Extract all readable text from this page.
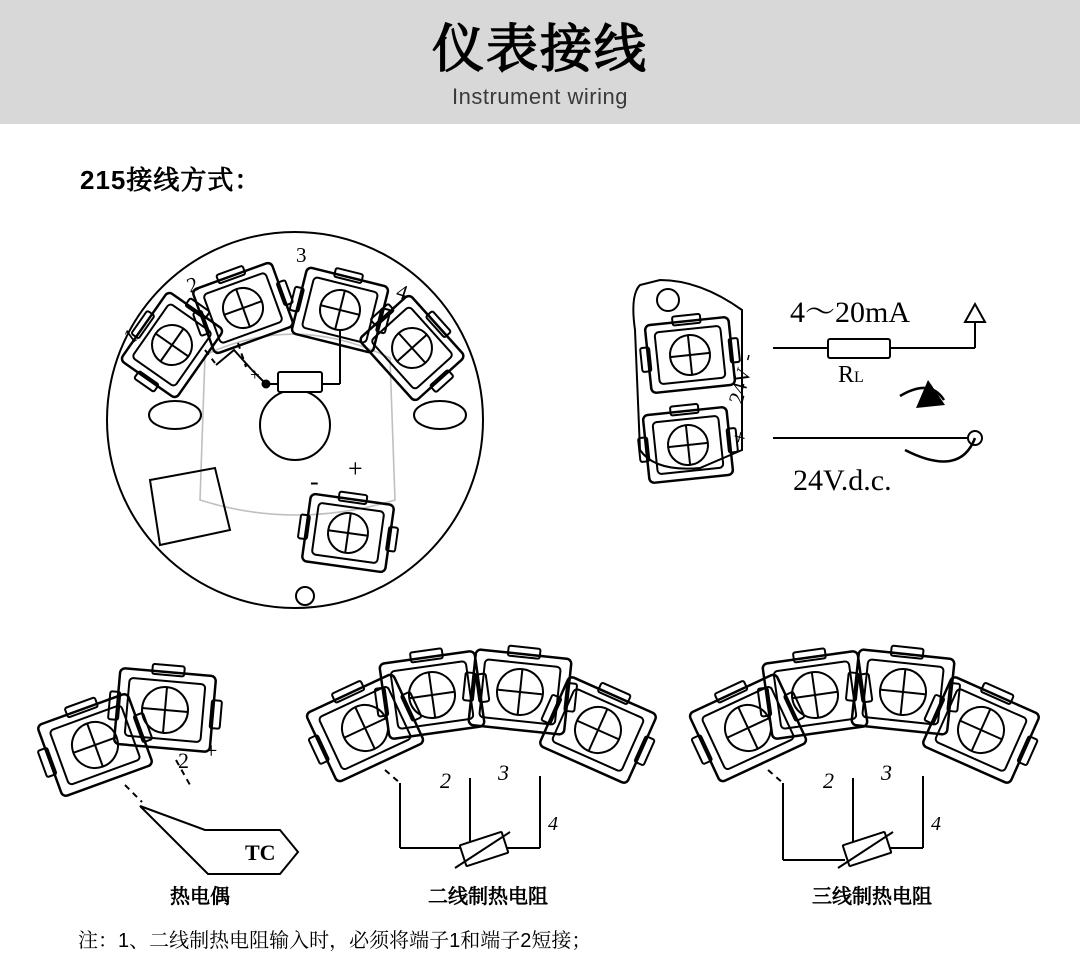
仪表接线
Instrument wiring
215接线方式：
1
2
3
4
+
- +
4～20mA
RL
24V.d.c.
24V
-
+
2 +
TC
2 3
4
2 3
4
热电偶	二线制热电阻	三线制热电阻
注：1、二线制热电阻输入时，必须将端子1和端子2短接；
